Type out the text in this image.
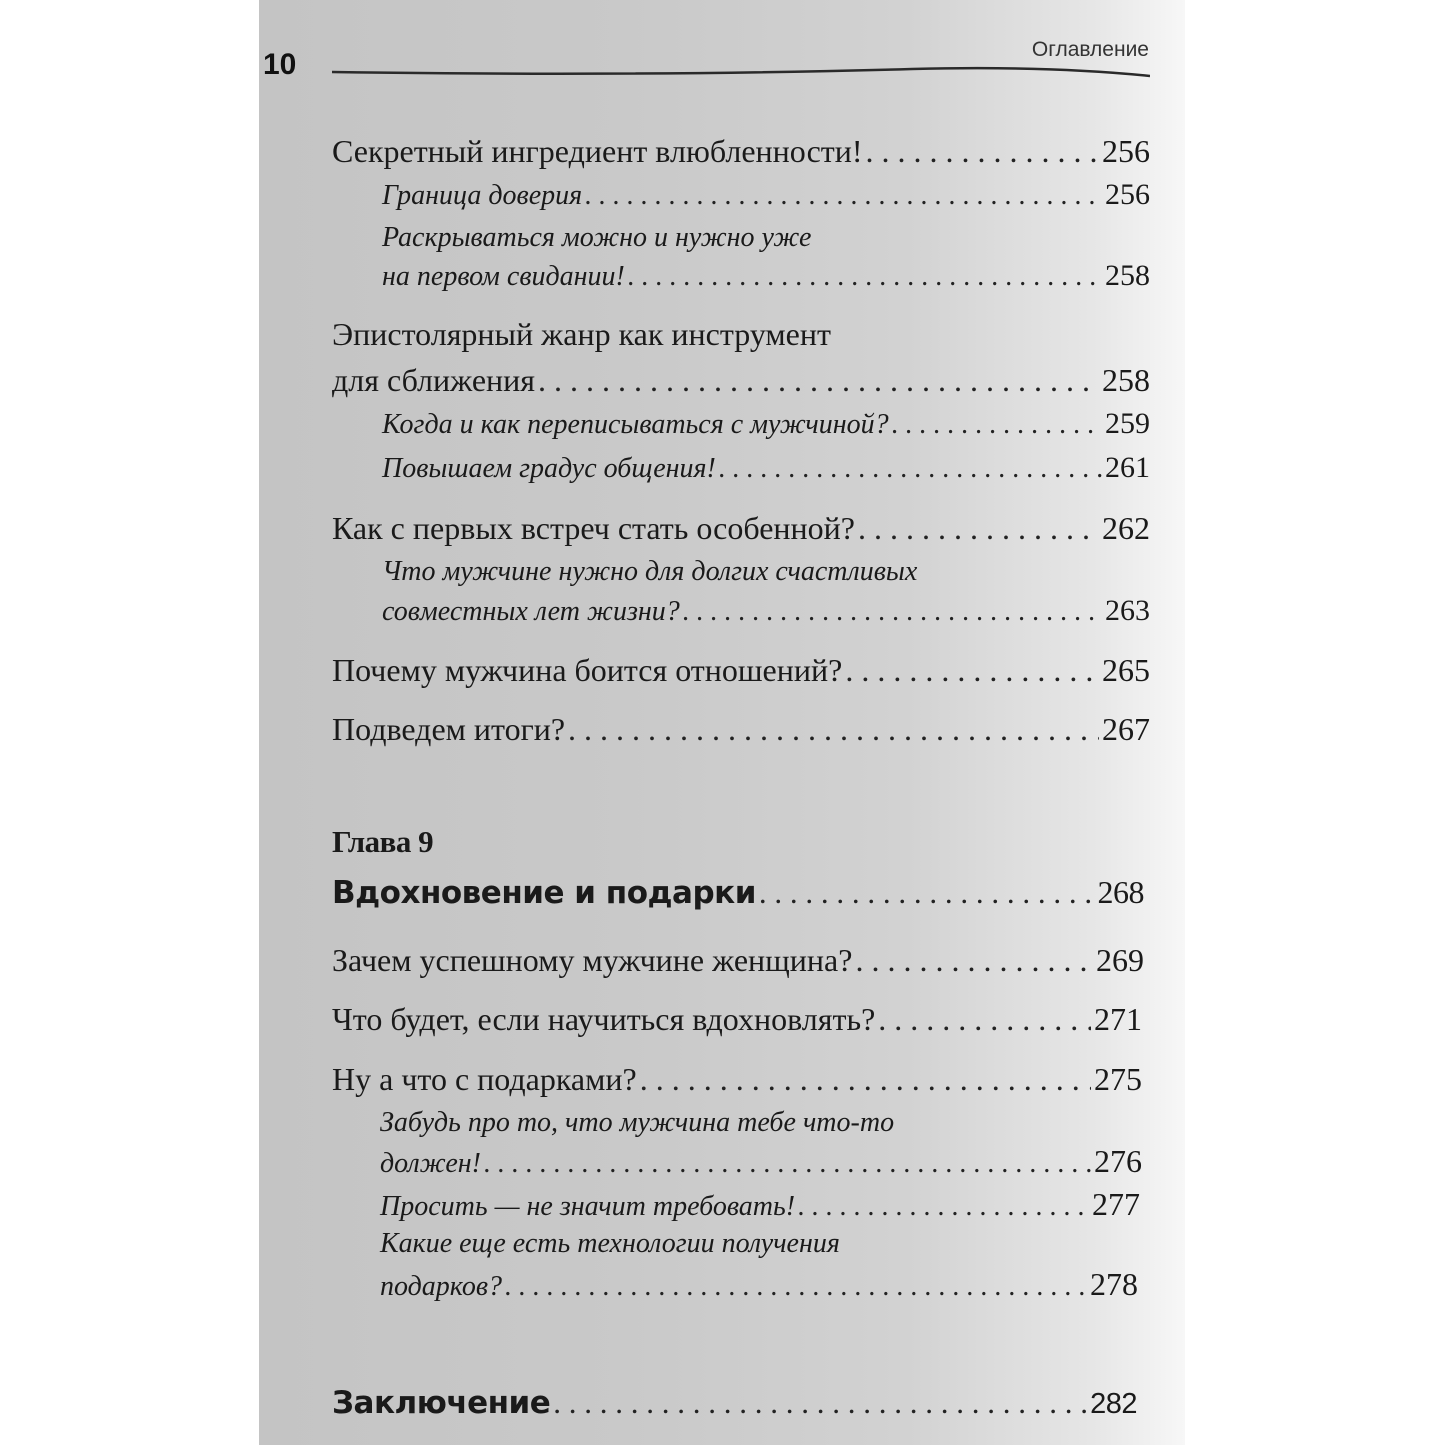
10	Оглавление
Секретный ингредиент влюбленности! . . .	256
Граница доверия . . .	256
Раскрываться можно и нужно уже
на первом свидании! . . .	258
Эпистолярный жанр как инструмент
для сближения . . .	258
Когда и как переписываться с мужчиной? . . .	259
Повышаем градус общения! . . .	261
Как с первых встреч стать особенной? . . .	262
Что мужчине нужно для долгих счастливых
совместных лет жизни? . . .	263
Почему мужчина боится отношений? . . .	265
Подведем итоги? . . .	267
Глава 9
Вдохновение и подарки . . .	268
Зачем успешному мужчине женщина? . . .	269
Что будет, если научиться вдохновлять? . . .	271
Ну а что с подарками? . . .	275
Забудь про то, что мужчина тебе что-то
должен! . . .	276
Просить — не значит требовать! . . .	277
Какие еще есть технологии получения
подарков? . . .	278
Заключение . . .	282
